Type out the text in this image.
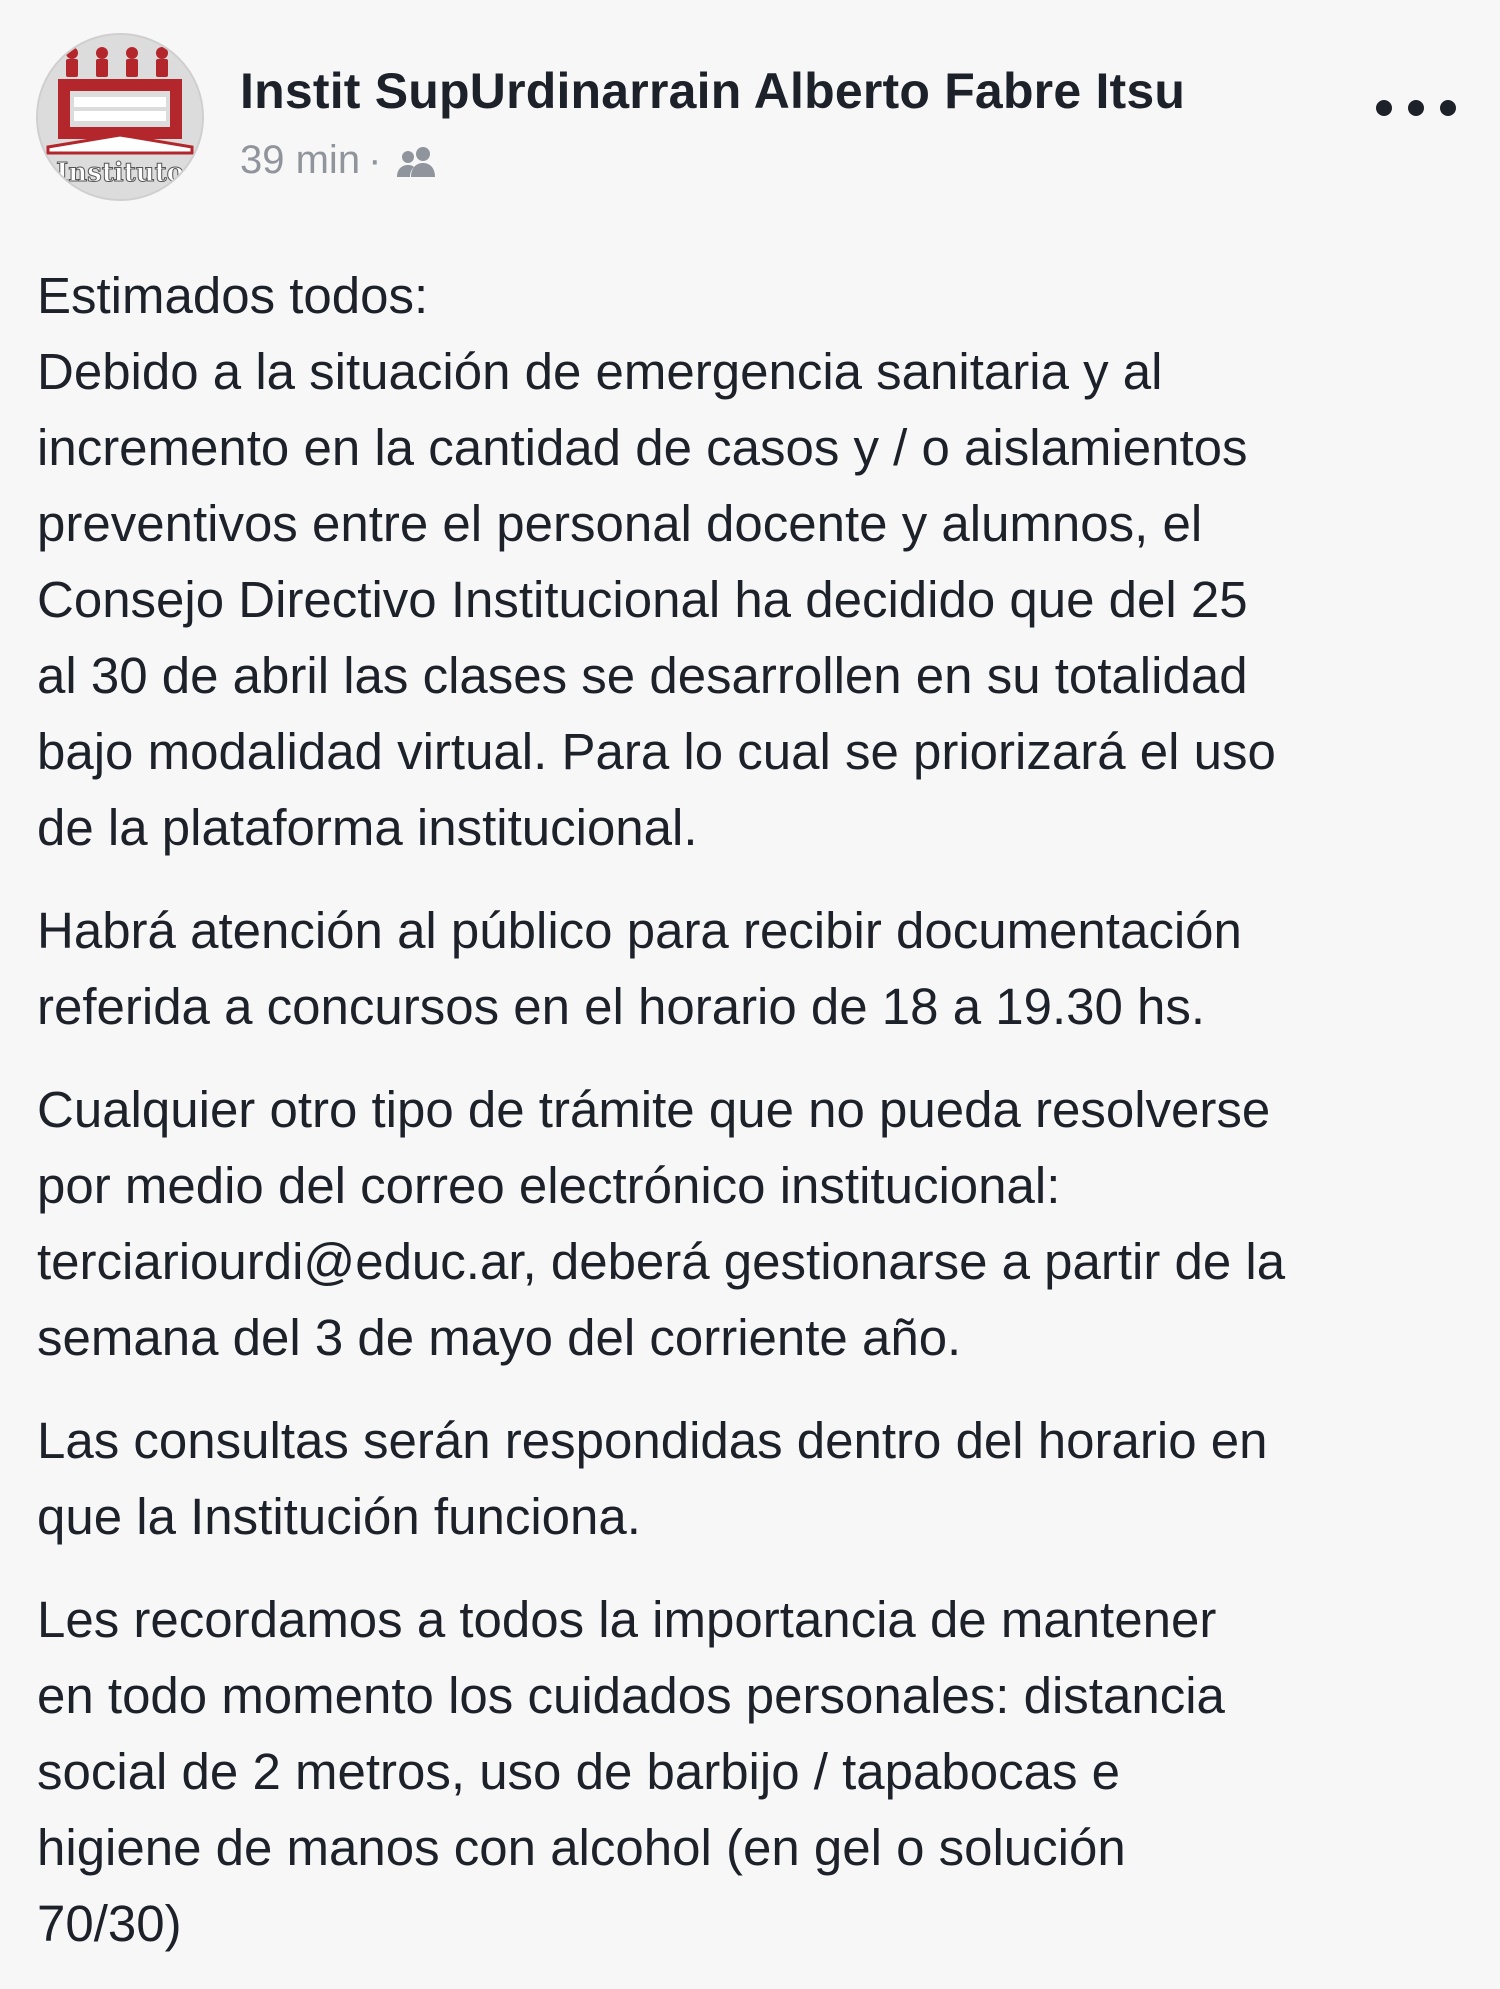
Instituto
Instit SupUrdinarrain Alberto Fabre Itsu
39 min ·

Estimados todos:
Debido a la situación de emergencia sanitaria y al
incremento en la cantidad de casos y / o aislamientos
preventivos entre el personal docente y alumnos, el
Consejo Directivo Institucional ha decidido que del 25
al 30 de abril las clases se desarrollen en su totalidad
bajo modalidad virtual. Para lo cual se priorizará el uso
de la plataforma institucional.

Habrá atención al público para recibir documentación
referida a concursos en el horario de 18 a 19.30 hs.

Cualquier otro tipo de trámite que no pueda resolverse
por medio del correo electrónico institucional:
terciariourdi@educ.ar, deberá gestionarse a partir de la
semana del 3 de mayo del corriente año.

Las consultas serán respondidas dentro del horario en
que la Institución funciona.

Les recordamos a todos la importancia de mantener
en todo momento los cuidados personales: distancia
social de 2 metros, uso de barbijo / tapabocas e
higiene de manos con alcohol (en gel o solución
70/30)
